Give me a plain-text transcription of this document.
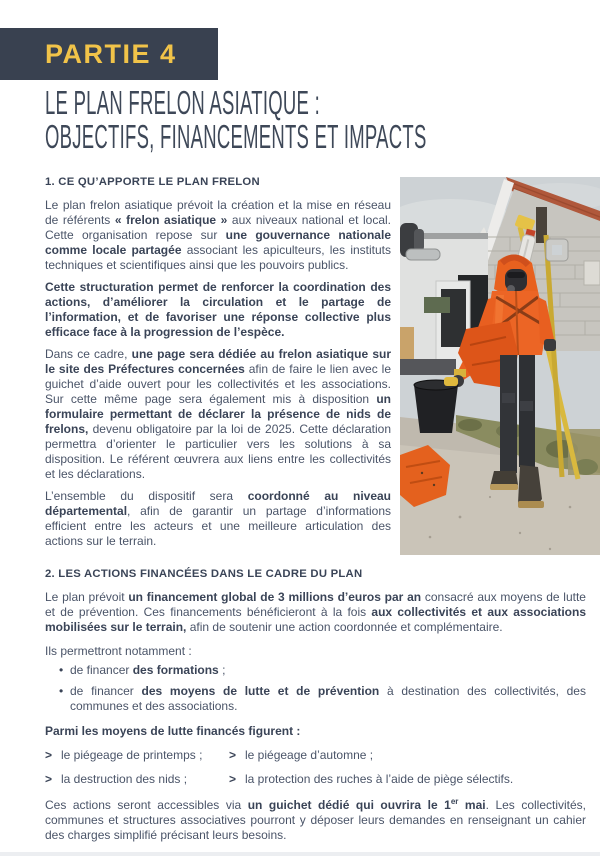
PARTIE 4
LE PLAN FRELON ASIATIQUE :
OBJECTIFS, FINANCEMENTS ET IMPACTS
1. CE QU’APPORTE LE PLAN FRELON

Le plan frelon asiatique prévoit la création et la mise en réseau de référents « frelon asiatique » aux niveaux national et local. Cette organisation repose sur une gouvernance nationale comme locale partagée associant les apiculteurs, les instituts techniques et scientifiques ainsi que les pouvoirs publics.

Cette structuration permet de renforcer la coordination des actions, d’améliorer la circulation et le partage de l’information, et de favoriser une réponse collective plus efficace face à la progression de l’espèce.

Dans ce cadre, une page sera dédiée au frelon asiatique sur le site des Préfectures concernées afin de faire le lien avec le guichet d’aide ouvert pour les collectivités et les associations. Sur cette même page sera également mis à disposition un formulaire permettant de déclarer la présence de nids de frelons, devenu obligatoire par la loi de 2025. Cette déclaration permettra d’orienter le particulier vers les solutions à sa disposition. Le référent œuvrera aux liens entre les collectivités et les déclarations.

L’ensemble du dispositif sera coordonné au niveau départemental, afin de garantir un partage d’informations efficient entre les acteurs et une meilleure articulation des actions sur le terrain.

2. LES ACTIONS FINANCÉES DANS LE CADRE DU PLAN

Le plan prévoit un financement global de 3 millions d’euros par an consacré aux moyens de lutte et de prévention. Ces financements bénéficieront à la fois aux collectivités et aux associations mobilisées sur le terrain, afin de soutenir une action coordonnée et complémentaire.

Ils permettront notamment :
• de financer des formations ;
• de financer des moyens de lutte et de prévention à destination des collectivités, des communes et des associations.
Parmi les moyens de lutte financés figurent :
> le piégeage de printemps ; > le piégeage d’automne ;
> la destruction des nids ;	> la protection des ruches à l’aide de piège sélectifs.

Ces actions seront accessibles via un guichet dédié qui ouvrira le 1er mai. Les collectivités, communes et structures associatives pourront y déposer leurs demandes en renseignant un cahier des charges simplifié précisant leurs besoins.
